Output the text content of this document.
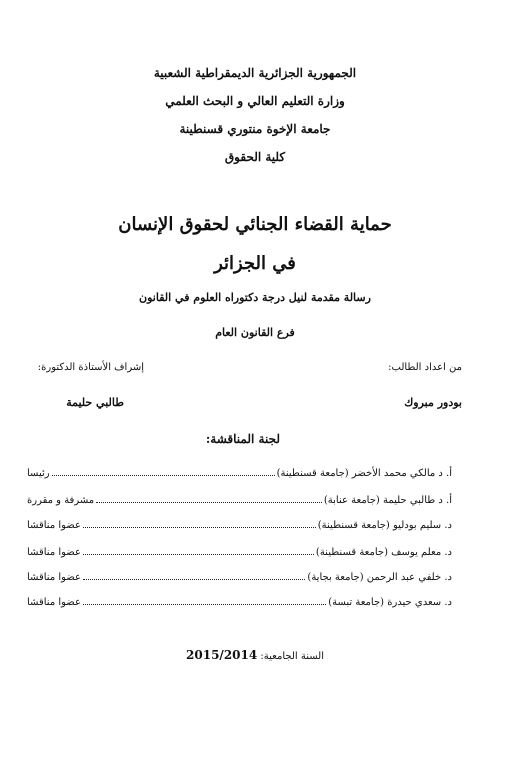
الجمهورية الجزائرية الديمقراطية الشعبية
وزارة التعليم العالي و البحث العلمي
جامعة الإخوة منتوري قسنطينة
كلية الحقوق
حماية القضاء الجنائي لحقوق الإنسان
في الجزائر
رسالة مقدمة لنيل درجة دكتوراه العلوم في القانون
فرع القانون العام
من اعداد الطالب:
إشراف الأستاذة الدكتورة:
بودور مبروك
طالبي حليمة
لجنة المناقشة:
أ. د مالكي محمد الأخضر (جامعة قسنطينة)
رئيسا
أ. د طالبي حليمة (جامعة عنابة)
مشرفة و مقررة
د. سليم بودليو (جامعة قسنطينة)
عضوا مناقشا
د. معلم يوسف (جامعة قسنطينة)
عضوا مناقشا
د. خلفي عبد الرحمن (جامعة بجاية)
عضوا مناقشا
د. سعدي حيدرة (جامعة تبسة)
عضوا مناقشا
السنة الجامعية: 2015/2014
